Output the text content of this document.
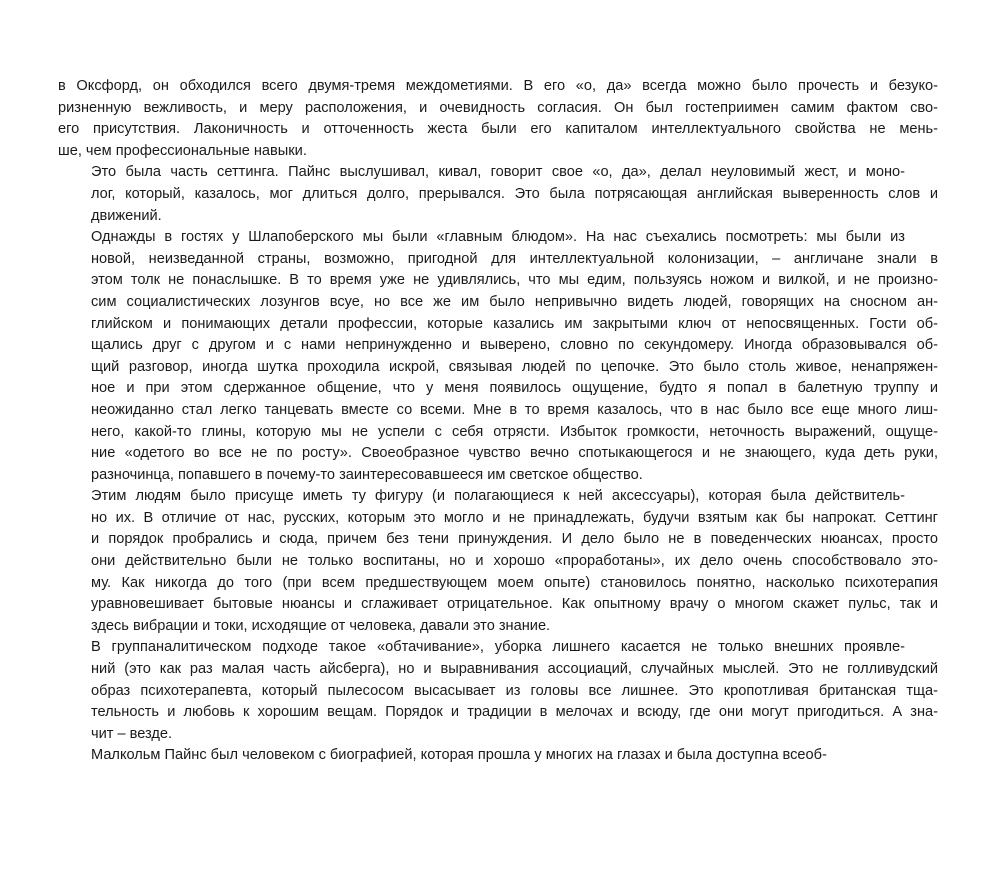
в Оксфорд, он обходился всего двумя-тремя междометиями. В его «о, да» всегда можно было прочесть и безуко-
ризненную вежливость, и меру расположения, и очевидность согласия. Он был гостеприимен самим фактом сво-
его присутствия. Лаконичность и отточенность жеста были его капиталом интеллектуального свойства не мень-
ше, чем профессиональные навыки.
Это была часть сеттинга. Пайнс выслушивал, кивал, говорит свое «о, да», делал неуловимый жест, и моно-
лог, который, казалось, мог длиться долго, прерывался. Это была потрясающая английская выверенность слов и
движений.
Однажды в гостях у Шлапоберского мы были «главным блюдом». На нас съехались посмотреть: мы были из
новой, неизведанной страны, возможно, пригодной для интеллектуальной колонизации, – англичане знали в
этом толк не понаслышке. В то время уже не удивлялись, что мы едим, пользуясь ножом и вилкой, и не произно-
сим социалистических лозунгов всуе, но все же им было непривычно видеть людей, говорящих на сносном ан-
глийском и понимающих детали профессии, которые казались им закрытыми ключ от непосвященных. Гости об-
щались друг с другом и с нами непринужденно и выверено, словно по секундомеру. Иногда образовывался об-
щий разговор, иногда шутка проходила искрой, связывая людей по цепочке. Это было столь живое, ненапряжен-
ное и при этом сдержанное общение, что у меня появилось ощущение, будто я попал в балетную труппу и
неожиданно стал легко танцевать вместе со всеми. Мне в то время казалось, что в нас было все еще много лиш-
него, какой-то глины, которую мы не успели с себя отрясти. Избыток громкости, неточность выражений, ощуще-
ние «одетого во все не по росту». Своеобразное чувство вечно спотыкающегося и не знающего, куда деть руки,
разночинца, попавшего в почему-то заинтересовавшееся им светское общество.
Этим людям было присуще иметь ту фигуру (и полагающиеся к ней аксессуары), которая была действитель-
но их. В отличие от нас, русских, которым это могло и не принадлежать, будучи взятым как бы напрокат. Сеттинг
и порядок пробрались и сюда, причем без тени принуждения. И дело было не в поведенческих нюансах, просто
они действительно были не только воспитаны, но и хорошо «проработаны», их дело очень способствовало это-
му. Как никогда до того (при всем предшествующем моем опыте) становилось понятно, насколько психотерапия
уравновешивает бытовые нюансы и сглаживает отрицательное. Как опытному врачу о многом скажет пульс, так и
здесь вибрации и токи, исходящие от человека, давали это знание.
В группаналитическом подходе такое «обтачивание», уборка лишнего касается не только внешних проявле-
ний (это как раз малая часть айсберга), но и выравнивания ассоциаций, случайных мыслей. Это не голливудский
образ психотерапевта, который пылесосом высасывает из головы все лишнее. Это кропотливая британская тща-
тельность и любовь к хорошим вещам. Порядок и традиции в мелочах и всюду, где они могут пригодиться. А зна-
чит – везде.
Малкольм Пайнс был человеком с биографией, которая прошла у многих на глазах и была доступна всеоб-
